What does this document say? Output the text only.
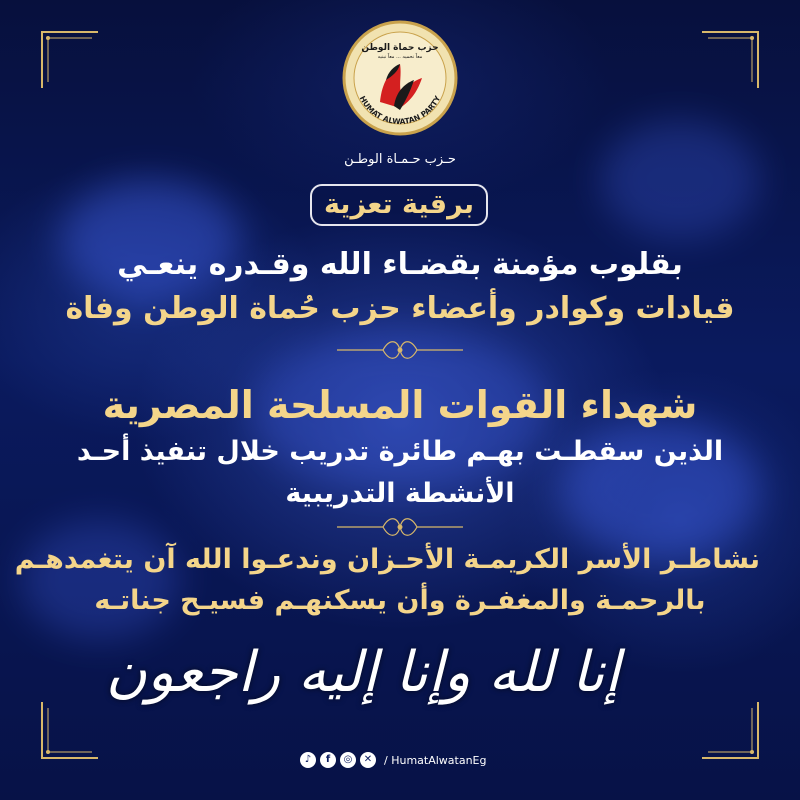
حزب حماة الوطن
معاً نحميه ... معاً نبنيه
HUMAT ALWATAN PARTY
حـزب حـمـاة الوطـن
برقية تعزية
بقلوب مؤمنة بقضـاء الله وقـدره ينعـي
قيادات وكوادر وأعضاء حزب حُماة الوطن وفاة
شهداء القوات المسلحة المصرية
الذين سقطـت بهـم طائرة تدريب خلال تنفيذ أحـد
الأنشطة التدريبية
نشاطـر الأسر الكريمـة الأحـزان وندعـوا الله آن يتغمدهـم
بالرحمـة والمغفـرة وأن يسكنهـم فسيـح جناتـه
إنا لله وإنا إليه راجعون
♪	f	◎	✕	/ HumatAlwatanEg
